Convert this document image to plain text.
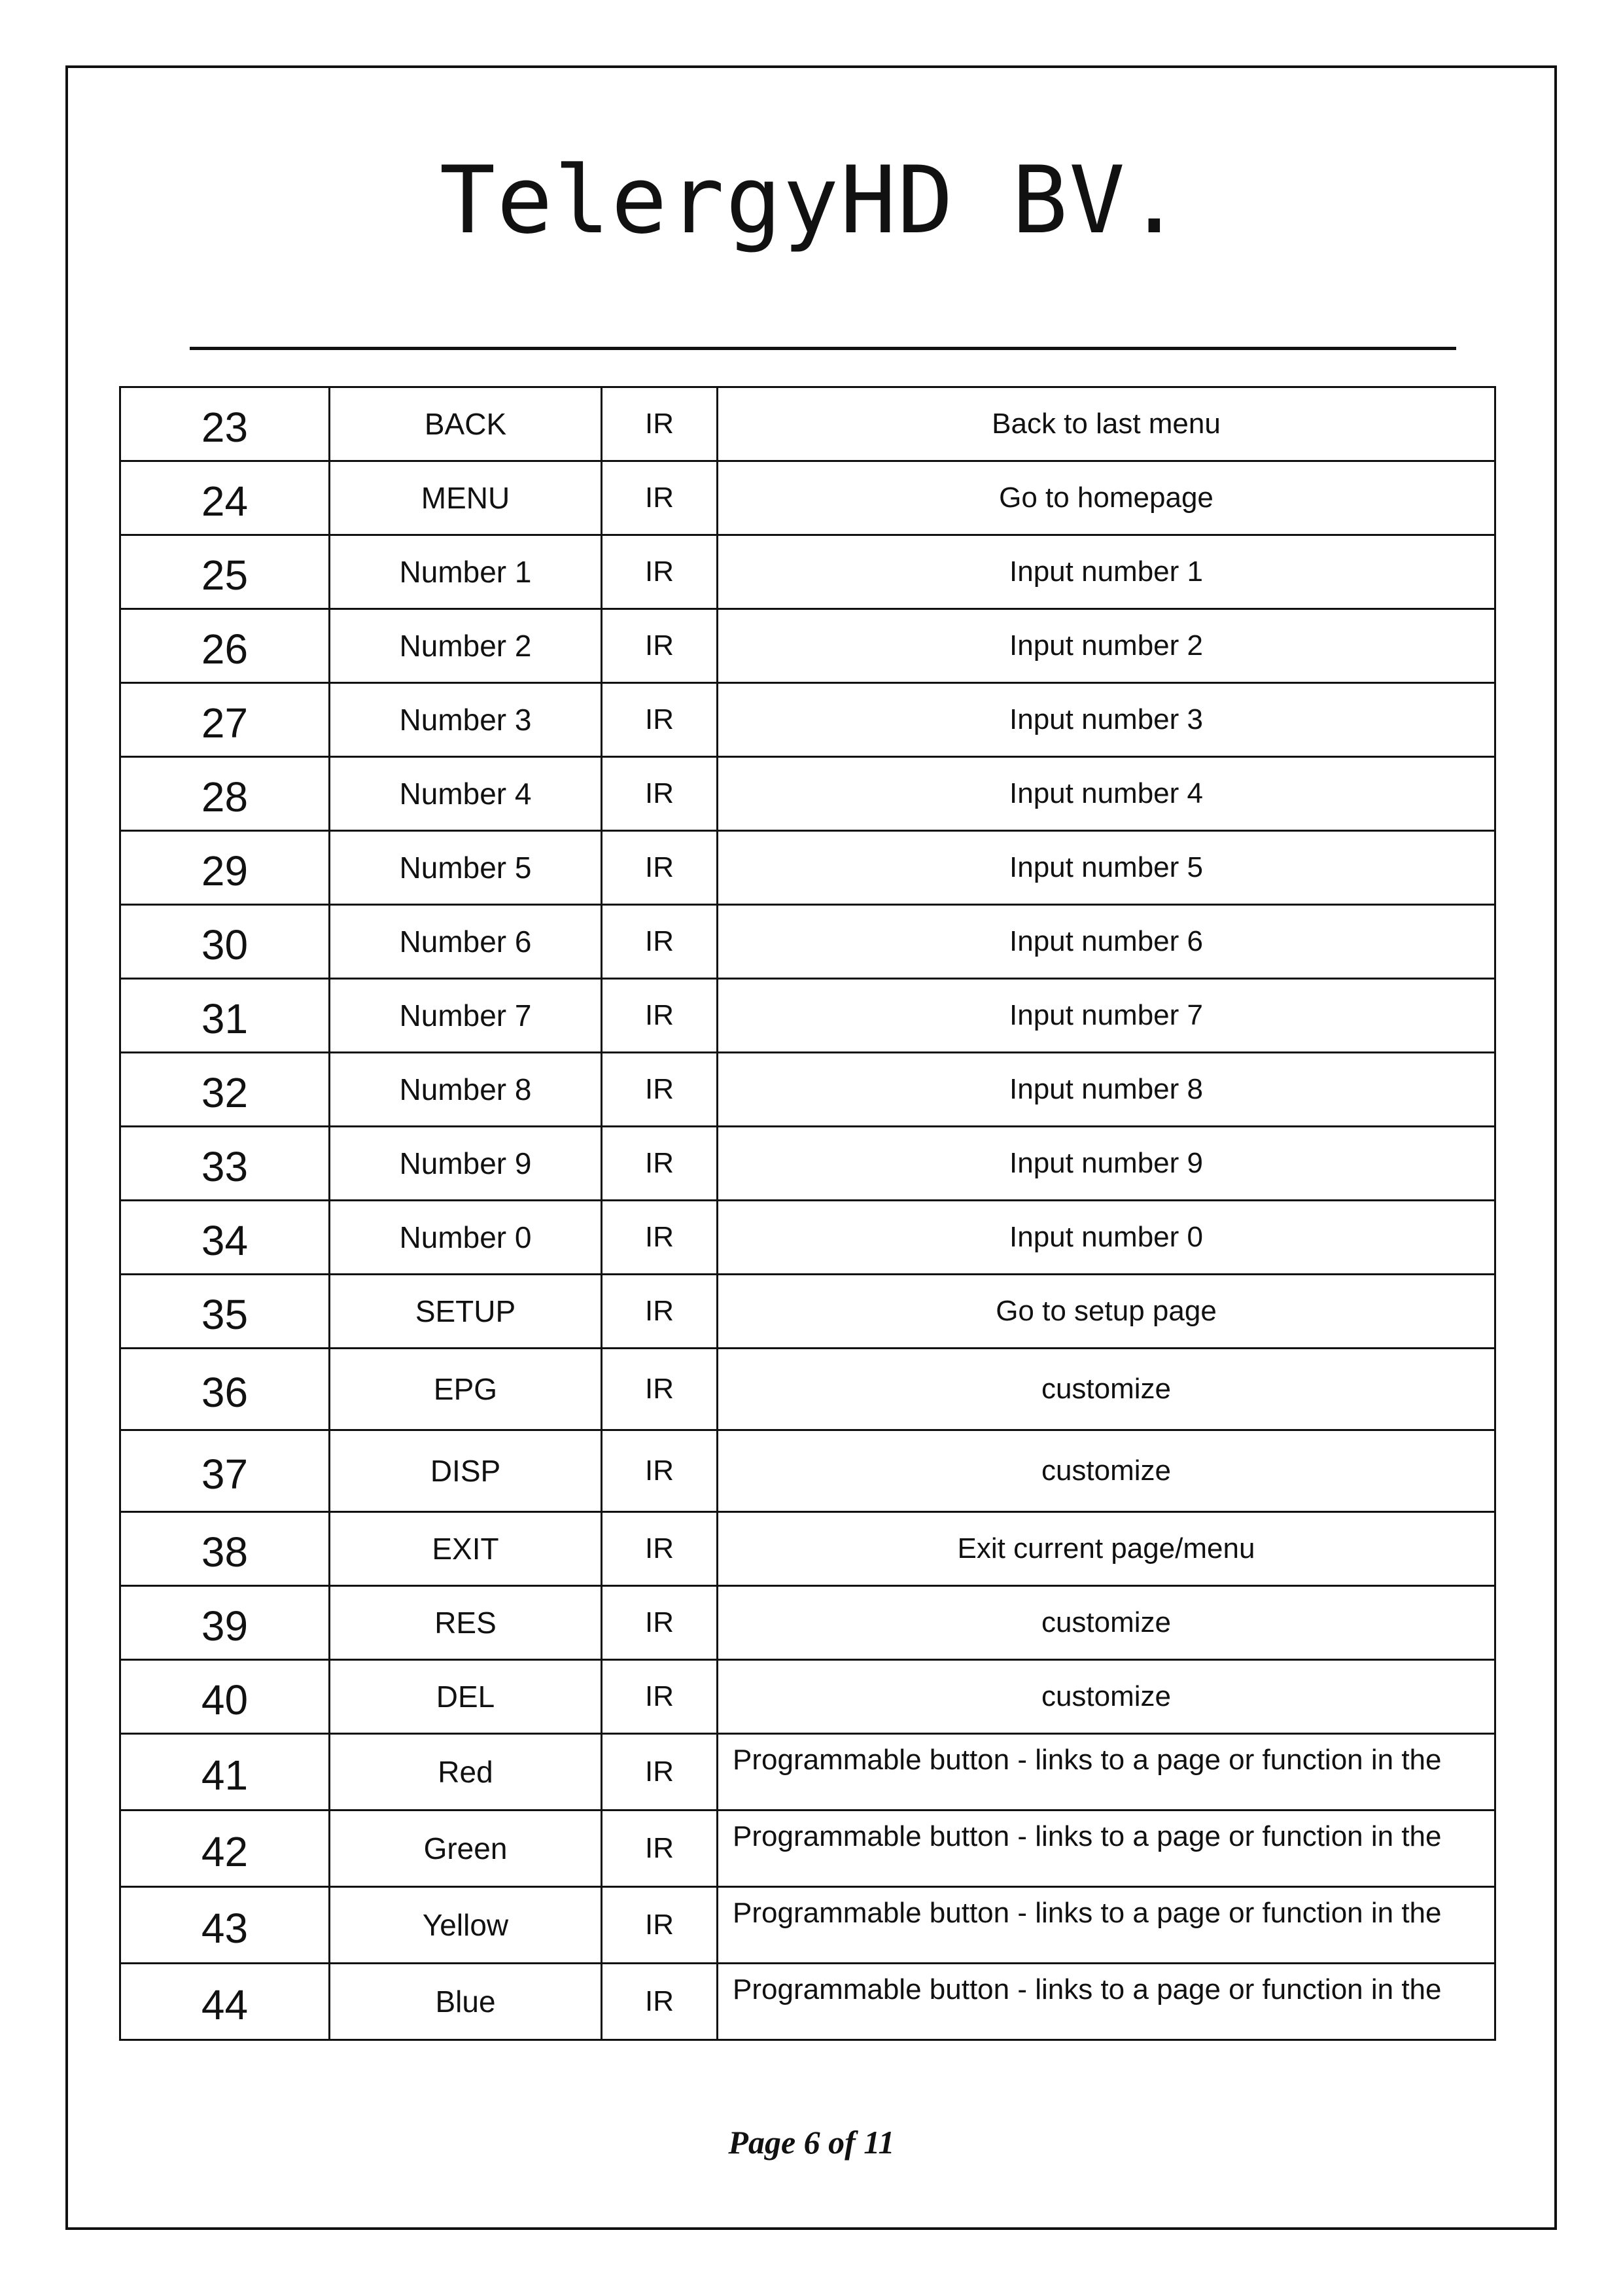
TelergyHD BV.
23	BACK	IR	Back to last menu
24	MENU	IR	Go to homepage
25	Number 1	IR	Input number 1
26	Number 2	IR	Input number 2
27	Number 3	IR	Input number 3
28	Number 4	IR	Input number 4
29	Number 5	IR	Input number 5
30	Number 6	IR	Input number 6
31	Number 7	IR	Input number 7
32	Number 8	IR	Input number 8
33	Number 9	IR	Input number 9
34	Number 0	IR	Input number 0
35	SETUP	IR	Go to setup page
36	EPG	IR	customize
37	DISP	IR	customize
38	EXIT	IR	Exit current page/menu
39	RES	IR	customize
40	DEL	IR	customize
41	Red	IR	Programmable button - links to a page or function in the
42	Green	IR	Programmable button - links to a page or function in the
43	Yellow	IR	Programmable button - links to a page or function in the
44	Blue	IR	Programmable button - links to a page or function in the
Page 6 of 11
